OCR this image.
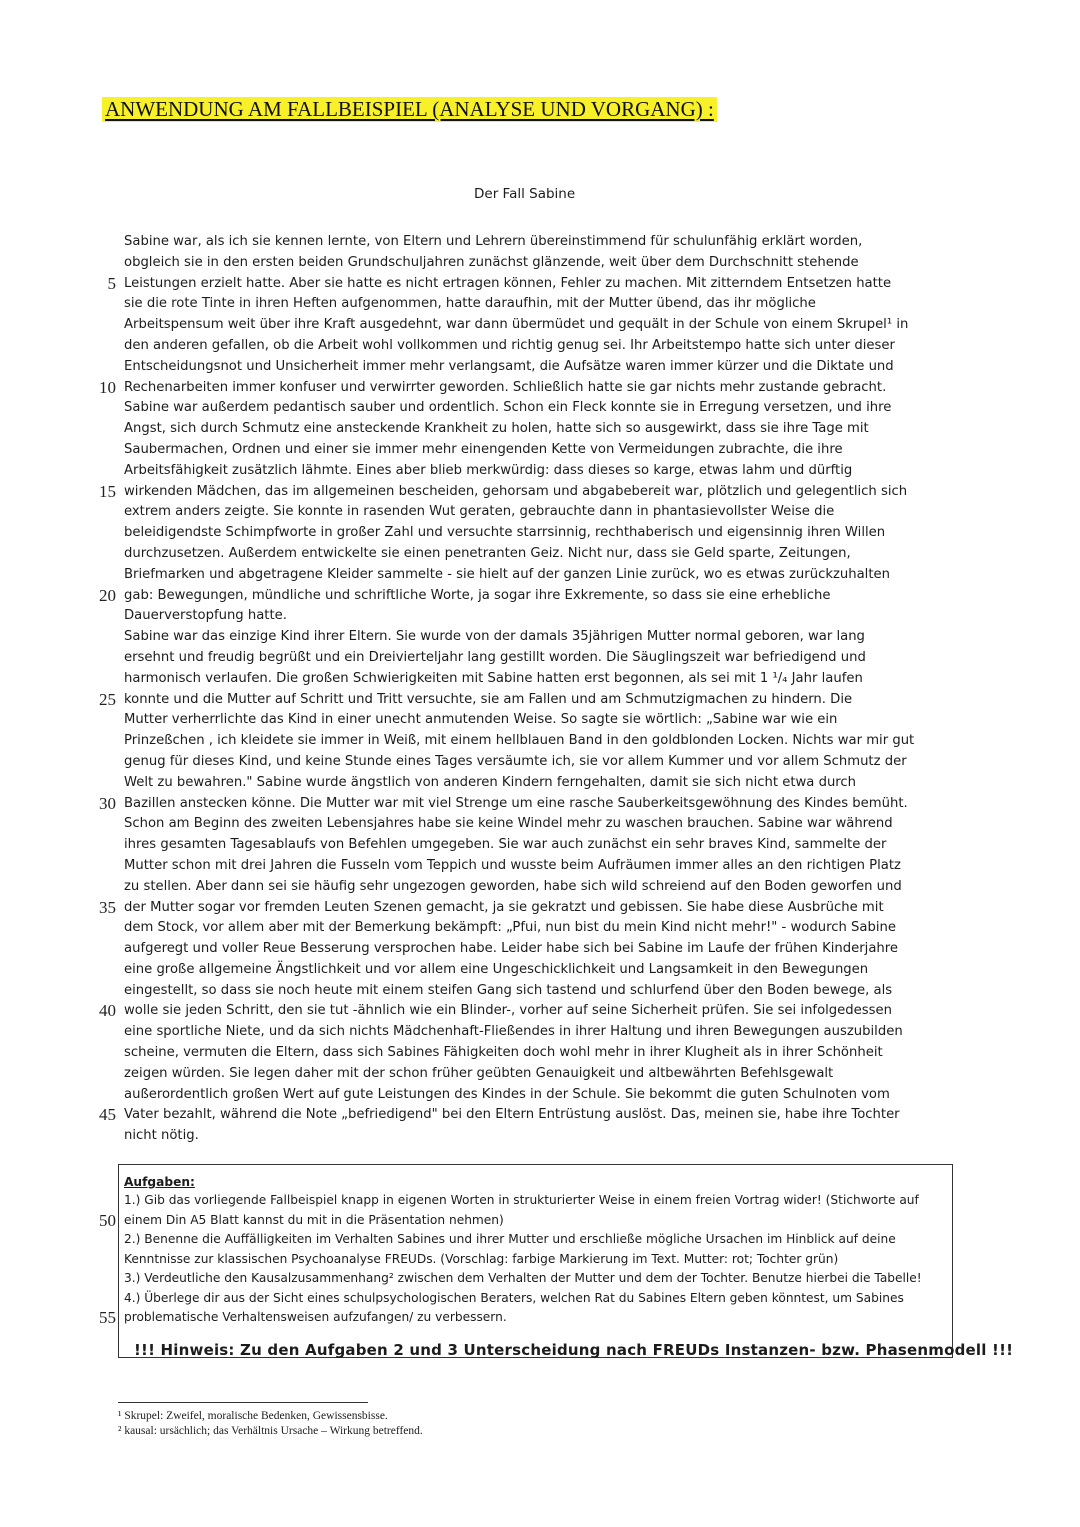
ANWENDUNG AM FALLBEISPIEL (ANALYSE UND VORGANG) :
Der Fall Sabine
Sabine war, als ich sie kennen lernte, von Eltern und Lehrern übereinstimmend für schulunfähig erklärt worden,
obgleich sie in den ersten beiden Grundschuljahren zunächst glänzende, weit über dem Durchschnitt stehende
5 Leistungen erzielt hatte. Aber sie hatte es nicht ertragen können, Fehler zu machen. Mit zitterndem Entsetzen hatte
sie die rote Tinte in ihren Heften aufgenommen, hatte daraufhin, mit der Mutter übend, das ihr mögliche
Arbeitspensum weit über ihre Kraft ausgedehnt, war dann übermüdet und gequält in der Schule von einem Skrupel¹ in
den anderen gefallen, ob die Arbeit wohl vollkommen und richtig genug sei. Ihr Arbeitstempo hatte sich unter dieser
Entscheidungsnot und Unsicherheit immer mehr verlangsamt, die Aufsätze waren immer kürzer und die Diktate und
10 Rechenarbeiten immer konfuser und verwirrter geworden. Schließlich hatte sie gar nichts mehr zustande gebracht.
Sabine war außerdem pedantisch sauber und ordentlich. Schon ein Fleck konnte sie in Erregung versetzen, und ihre
Angst, sich durch Schmutz eine ansteckende Krankheit zu holen, hatte sich so ausgewirkt, dass sie ihre Tage mit
Saubermachen, Ordnen und einer sie immer mehr einengenden Kette von Vermeidungen zubrachte, die ihre
Arbeitsfähigkeit zusätzlich lähmte. Eines aber blieb merkwürdig: dass dieses so karge, etwas lahm und dürftig
15 wirkenden Mädchen, das im allgemeinen bescheiden, gehorsam und abgabebereit war, plötzlich und gelegentlich sich
extrem anders zeigte. Sie konnte in rasenden Wut geraten, gebrauchte dann in phantasievollster Weise die
beleidigendste Schimpfworte in großer Zahl und versuchte starrsinnig, rechthaberisch und eigensinnig ihren Willen
durchzusetzen. Außerdem entwickelte sie einen penetranten Geiz. Nicht nur, dass sie Geld sparte, Zeitungen,
Briefmarken und abgetragene Kleider sammelte - sie hielt auf der ganzen Linie zurück, wo es etwas zurückzuhalten
20 gab: Bewegungen, mündliche und schriftliche Worte, ja sogar ihre Exkremente, so dass sie eine erhebliche
Dauerverstopfung hatte.
Sabine war das einzige Kind ihrer Eltern. Sie wurde von der damals 35jährigen Mutter normal geboren, war lang
ersehnt und freudig begrüßt und ein Dreivierteljahr lang gestillt worden. Die Säuglingszeit war befriedigend und
harmonisch verlaufen. Die großen Schwierigkeiten mit Sabine hatten erst begonnen, als sei mit 1 ¹/₄ Jahr laufen
25 konnte und die Mutter auf Schritt und Tritt versuchte, sie am Fallen und am Schmutzigmachen zu hindern. Die
Mutter verherrlichte das Kind in einer unecht anmutenden Weise. So sagte sie wörtlich: „Sabine war wie ein
Prinzeßchen , ich kleidete sie immer in Weiß, mit einem hellblauen Band in den goldblonden Locken. Nichts war mir gut
genug für dieses Kind, und keine Stunde eines Tages versäumte ich, sie vor allem Kummer und vor allem Schmutz der
Welt zu bewahren." Sabine wurde ängstlich von anderen Kindern ferngehalten, damit sie sich nicht etwa durch
30 Bazillen anstecken könne. Die Mutter war mit viel Strenge um eine rasche Sauberkeitsgewöhnung des Kindes bemüht.
Schon am Beginn des zweiten Lebensjahres habe sie keine Windel mehr zu waschen brauchen. Sabine war während
ihres gesamten Tagesablaufs von Befehlen umgegeben. Sie war auch zunächst ein sehr braves Kind, sammelte der
Mutter schon mit drei Jahren die Fusseln vom Teppich und wusste beim Aufräumen immer alles an den richtigen Platz
zu stellen. Aber dann sei sie häufig sehr ungezogen geworden, habe sich wild schreiend auf den Boden geworfen und
35 der Mutter sogar vor fremden Leuten Szenen gemacht, ja sie gekratzt und gebissen. Sie habe diese Ausbrüche mit
dem Stock, vor allem aber mit der Bemerkung bekämpft: „Pfui, nun bist du mein Kind nicht mehr!" - wodurch Sabine
aufgeregt und voller Reue Besserung versprochen habe. Leider habe sich bei Sabine im Laufe der frühen Kinderjahre
eine große allgemeine Ängstlichkeit und vor allem eine Ungeschicklichkeit und Langsamkeit in den Bewegungen
eingestellt, so dass sie noch heute mit einem steifen Gang sich tastend und schlurfend über den Boden bewege, als
40 wolle sie jeden Schritt, den sie tut -ähnlich wie ein Blinder-, vorher auf seine Sicherheit prüfen. Sie sei infolgedessen
eine sportliche Niete, und da sich nichts Mädchenhaft-Fließendes in ihrer Haltung und ihren Bewegungen auszubilden
scheine, vermuten die Eltern, dass sich Sabines Fähigkeiten doch wohl mehr in ihrer Klugheit als in ihrer Schönheit
zeigen würden. Sie legen daher mit der schon früher geübten Genauigkeit und altbewährten Befehlsgewalt
außerordentlich großen Wert auf gute Leistungen des Kindes in der Schule. Sie bekommt die guten Schulnoten vom
45 Vater bezahlt, während die Note „befriedigend" bei den Eltern Entrüstung auslöst. Das, meinen sie, habe ihre Tochter
nicht nötig.
Aufgaben:
1.) Gib das vorliegende Fallbeispiel knapp in eigenen Worten in strukturierter Weise in einem freien Vortrag wider! (Stichworte auf
50 einem Din A5 Blatt kannst du mit in die Präsentation nehmen)
2.) Benenne die Auffälligkeiten im Verhalten Sabines und ihrer Mutter und erschließe mögliche Ursachen im Hinblick auf deine
Kenntnisse zur klassischen Psychoanalyse FREUDs. (Vorschlag: farbige Markierung im Text. Mutter: rot; Tochter grün)
3.) Verdeutliche den Kausalzusammenhang² zwischen dem Verhalten der Mutter und dem der Tochter. Benutze hierbei die Tabelle!
4.) Überlege dir aus der Sicht eines schulpsychologischen Beraters, welchen Rat du Sabines Eltern geben könntest, um Sabines
55 problematische Verhaltensweisen aufzufangen/ zu verbessern.
!!! Hinweis: Zu den Aufgaben 2 und 3 Unterscheidung nach FREUDs Instanzen- bzw. Phasenmodell !!!
¹ Skrupel: Zweifel, moralische Bedenken, Gewissensbisse.
² kausal: ursächlich; das Verhältnis Ursache – Wirkung betreffend.
